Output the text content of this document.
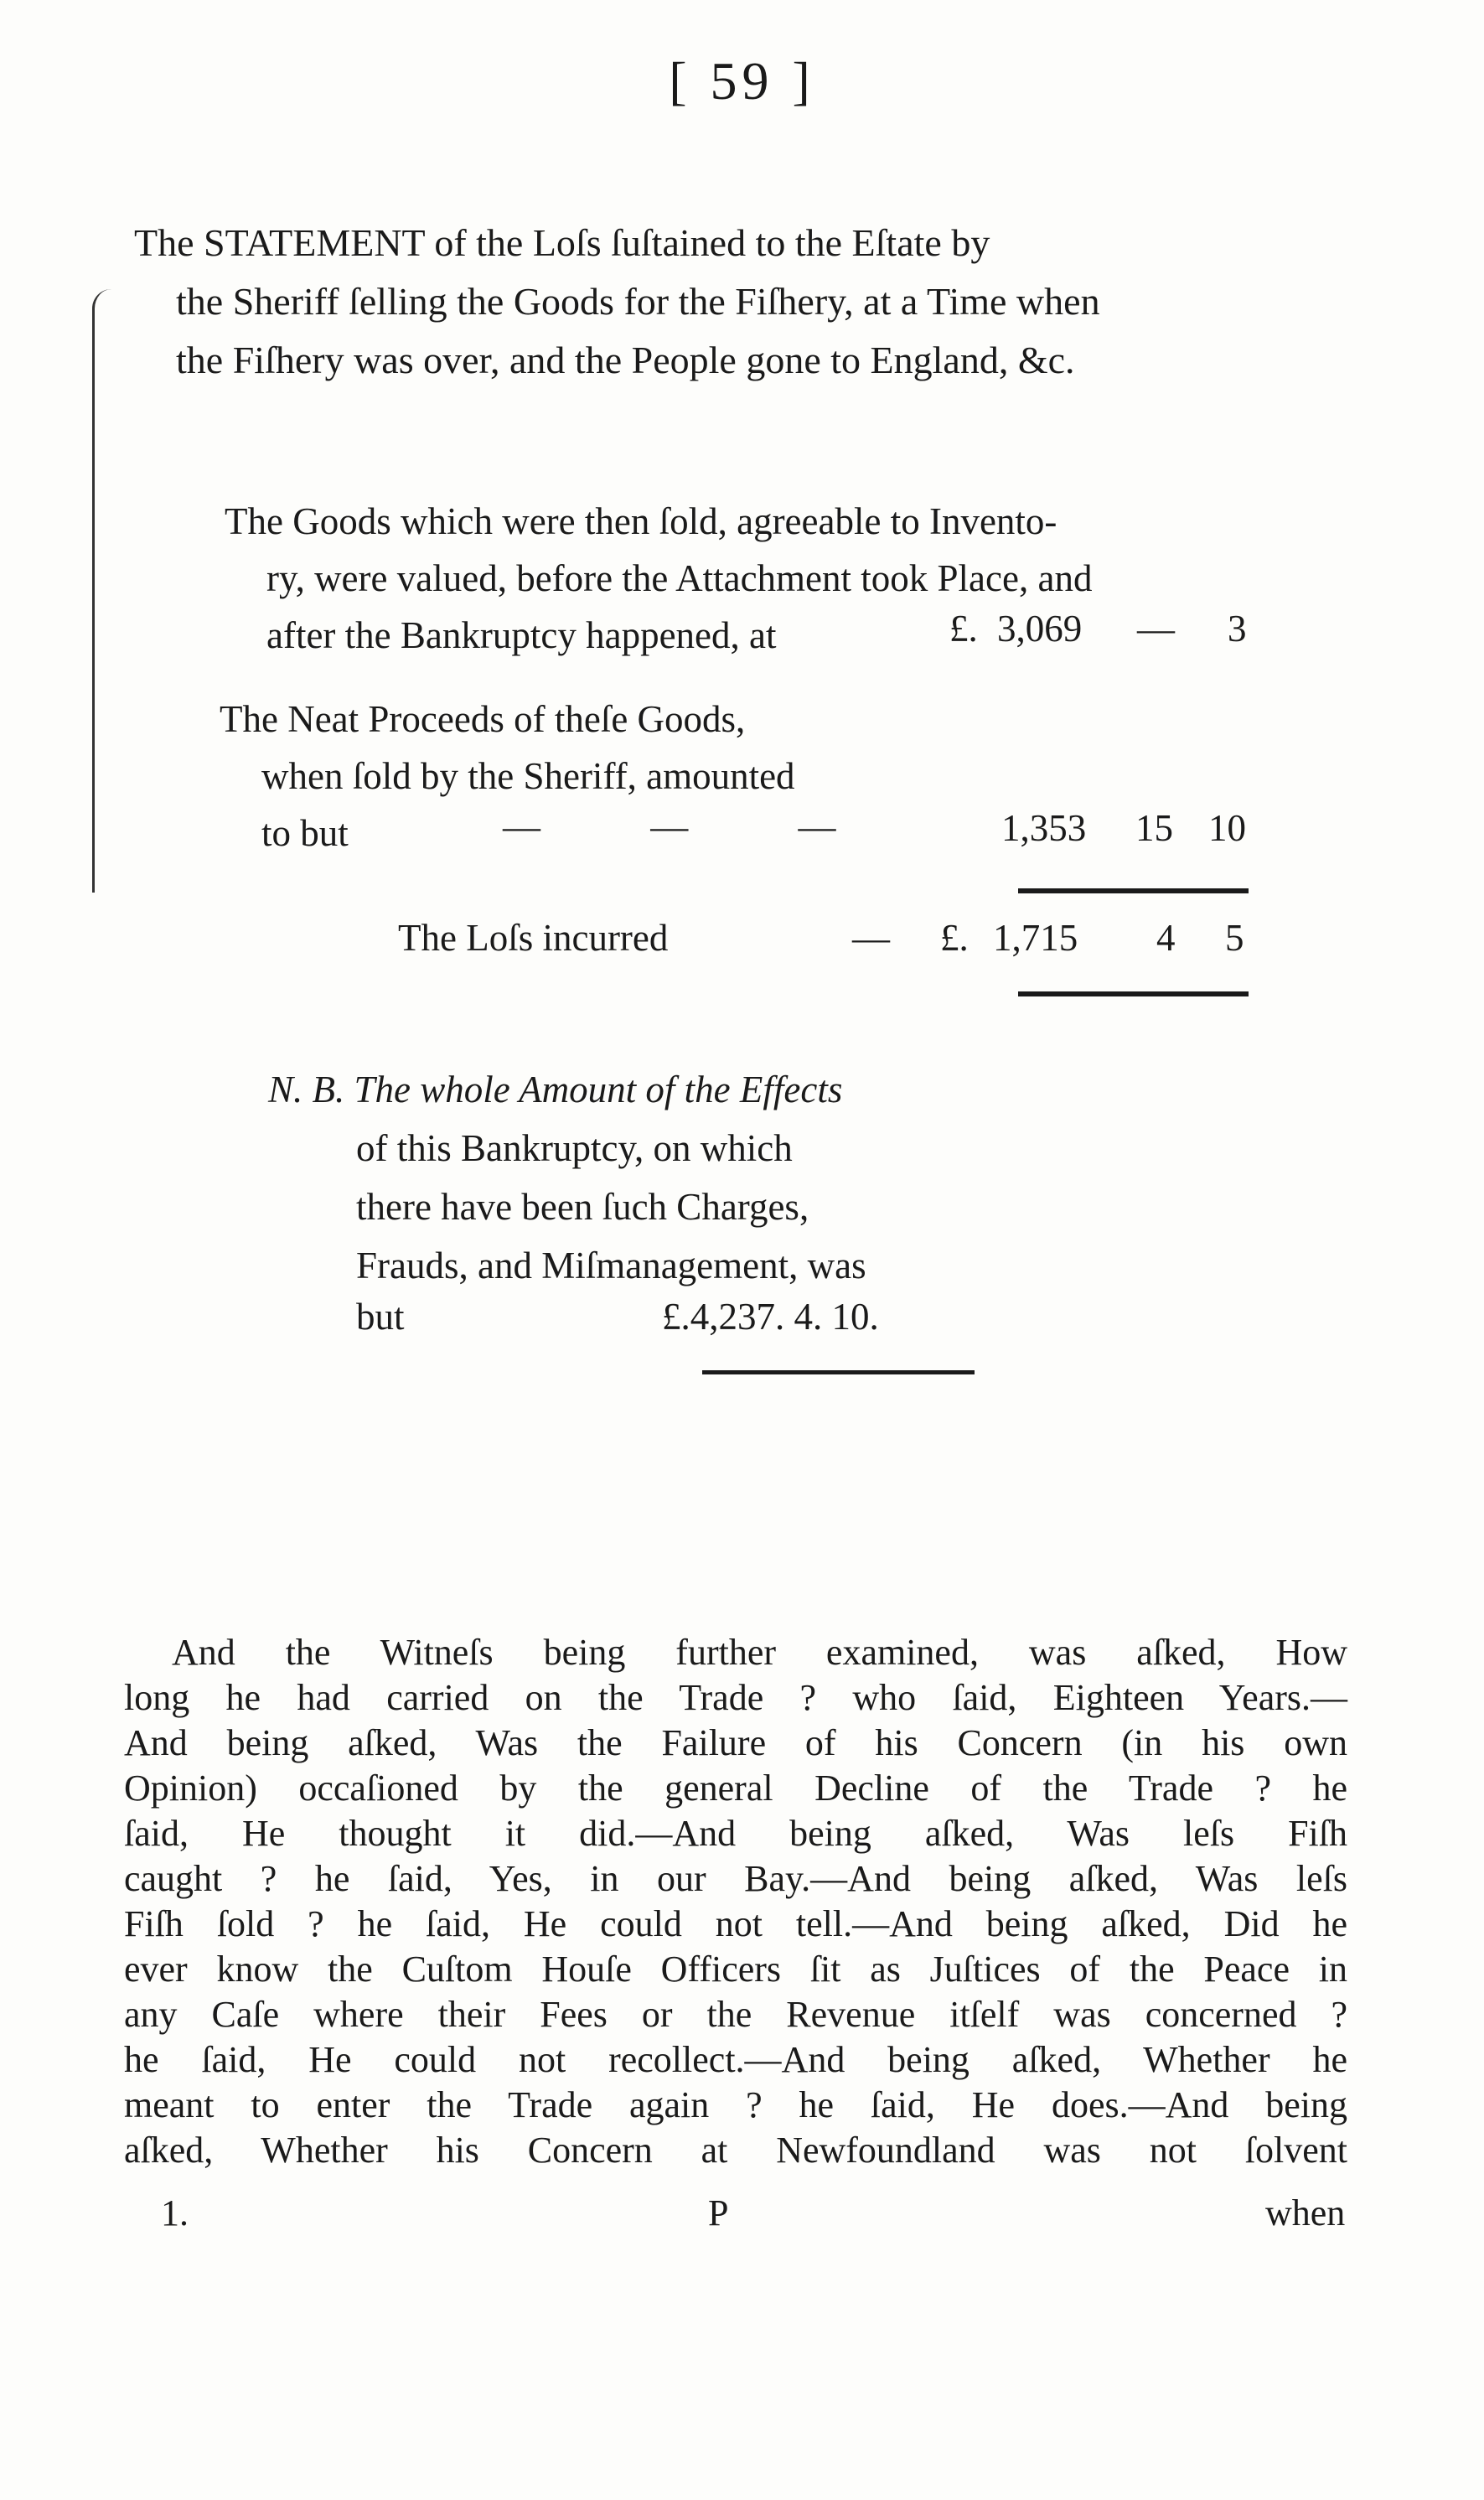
[ 59 ]
The STATEMENT of the Loſs ſuſtained to the Eſtate by
the Sheriff ſelling the Goods for the Fiſhery, at a Time when
the Fiſhery was over, and the People gone to England, &c.
The Goods which were then ſold, agreeable to Invento-
ry, were valued, before the Attachment took Place, and
after the Bankruptcy happened, at	£. 3,069 — 3
The Neat Proceeds of theſe Goods,
when ſold by the Sheriff, amounted
to but	— — —	1,353 15 10
The Loſs incurred	— £. 1,715 4 5
N. B. The whole Amount of the Effects
of this Bankruptcy, on which
there have been ſuch Charges,
Frauds, and Miſmanagement, was
but	£.4,237. 4. 10.
And the Witneſs being further examined, was aſked, How
long he had carried on the Trade ? who ſaid, Eighteen Years.—
And being aſked, Was the Failure of his Concern (in his own
Opinion) occaſioned by the general Decline of the Trade ? he
ſaid, He thought it did.—And being aſked, Was leſs Fiſh
caught ? he ſaid, Yes, in our Bay.—And being aſked, Was leſs
Fiſh ſold ? he ſaid, He could not tell.—And being aſked, Did he
ever know the Cuſtom Houſe Officers ſit as Juſtices of the Peace in
any Caſe where their Fees or the Revenue itſelf was concerned ?
he ſaid, He could not recollect.—And being aſked, Whether he
meant to enter the Trade again ? he ſaid, He does.—And being
aſked, Whether his Concern at Newfoundland was not ſolvent
1.	P	when
